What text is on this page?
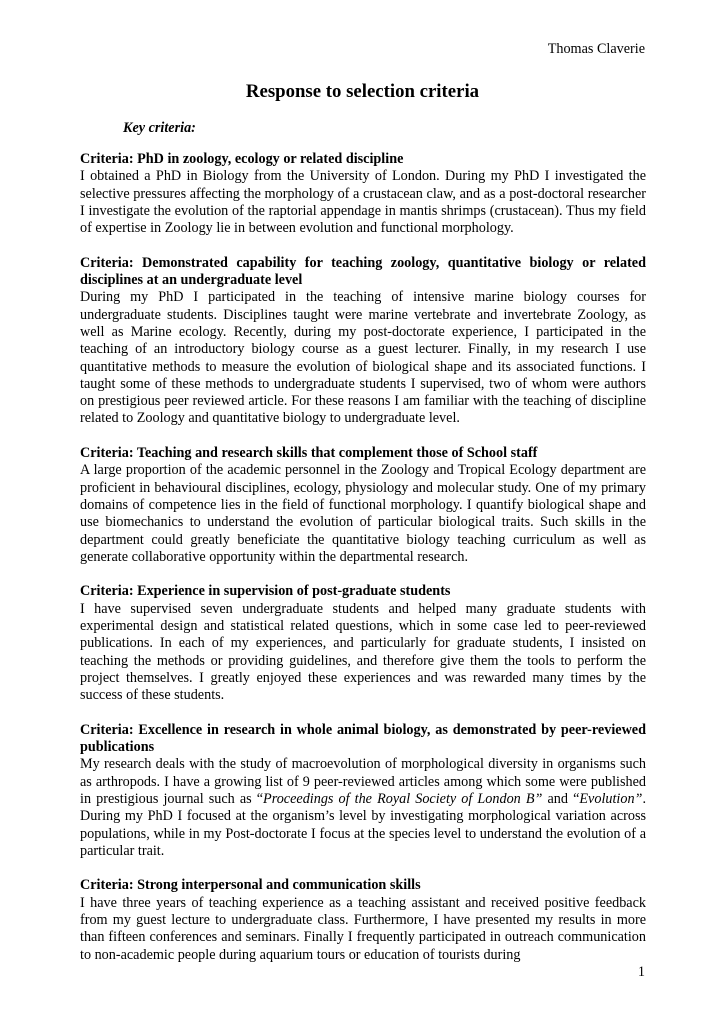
Thomas Claverie
Response to selection criteria
Key criteria:

Criteria: PhD in zoology, ecology or related discipline

I obtained a PhD in Biology from the University of London. During my PhD I investigated the selective pressures affecting the morphology of a crustacean claw, and as a post-doctoral researcher I investigate the evolution of the raptorial appendage in mantis shrimps (crustacean). Thus my field of expertise in Zoology lie in between evolution and functional morphology.

Criteria: Demonstrated capability for teaching zoology, quantitative biology or related disciplines at an undergraduate level

During my PhD I participated in the teaching of intensive marine biology courses for undergraduate students. Disciplines taught were marine vertebrate and invertebrate Zoology, as well as Marine ecology. Recently, during my post-doctorate experience, I participated in the teaching of an introductory biology course as a guest lecturer. Finally, in my research I use quantitative methods to measure the evolution of biological shape and its associated functions. I taught some of these methods to undergraduate students I supervised, two of whom were authors on prestigious peer reviewed article. For these reasons I am familiar with the teaching of discipline related to Zoology and quantitative biology to undergraduate level.

Criteria: Teaching and research skills that complement those of School staff

A large proportion of the academic personnel in the Zoology and Tropical Ecology department are proficient in behavioural disciplines, ecology, physiology and molecular study. One of my primary domains of competence lies in the field of functional morphology. I quantify biological shape and use biomechanics to understand the evolution of particular biological traits. Such skills in the department could greatly beneficiate the quantitative biology teaching curriculum as well as generate collaborative opportunity within the departmental research.

Criteria: Experience in supervision of post-graduate students

I have supervised seven undergraduate students and helped many graduate students with experimental design and statistical related questions, which in some case led to peer-reviewed publications. In each of my experiences, and particularly for graduate students, I insisted on teaching the methods or providing guidelines, and therefore give them the tools to perform the project themselves. I greatly enjoyed these experiences and was rewarded many times by the success of these students.

Criteria: Excellence in research in whole animal biology, as demonstrated by peer-reviewed publications

My research deals with the study of macroevolution of morphological diversity in organisms such as arthropods. I have a growing list of 9 peer-reviewed articles among which some were published in prestigious journal such as “Proceedings of the Royal Society of London B” and “Evolution”. During my PhD I focused at the organism’s level by investigating morphological variation across populations, while in my Post-doctorate I focus at the species level to understand the evolution of a particular trait.

Criteria: Strong interpersonal and communication skills

I have three years of teaching experience as a teaching assistant and received positive feedback from my guest lecture to undergraduate class. Furthermore, I have presented my results in more than fifteen conferences and seminars. Finally I frequently participated in outreach communication to non-academic people during aquarium tours or education of tourists during

1
